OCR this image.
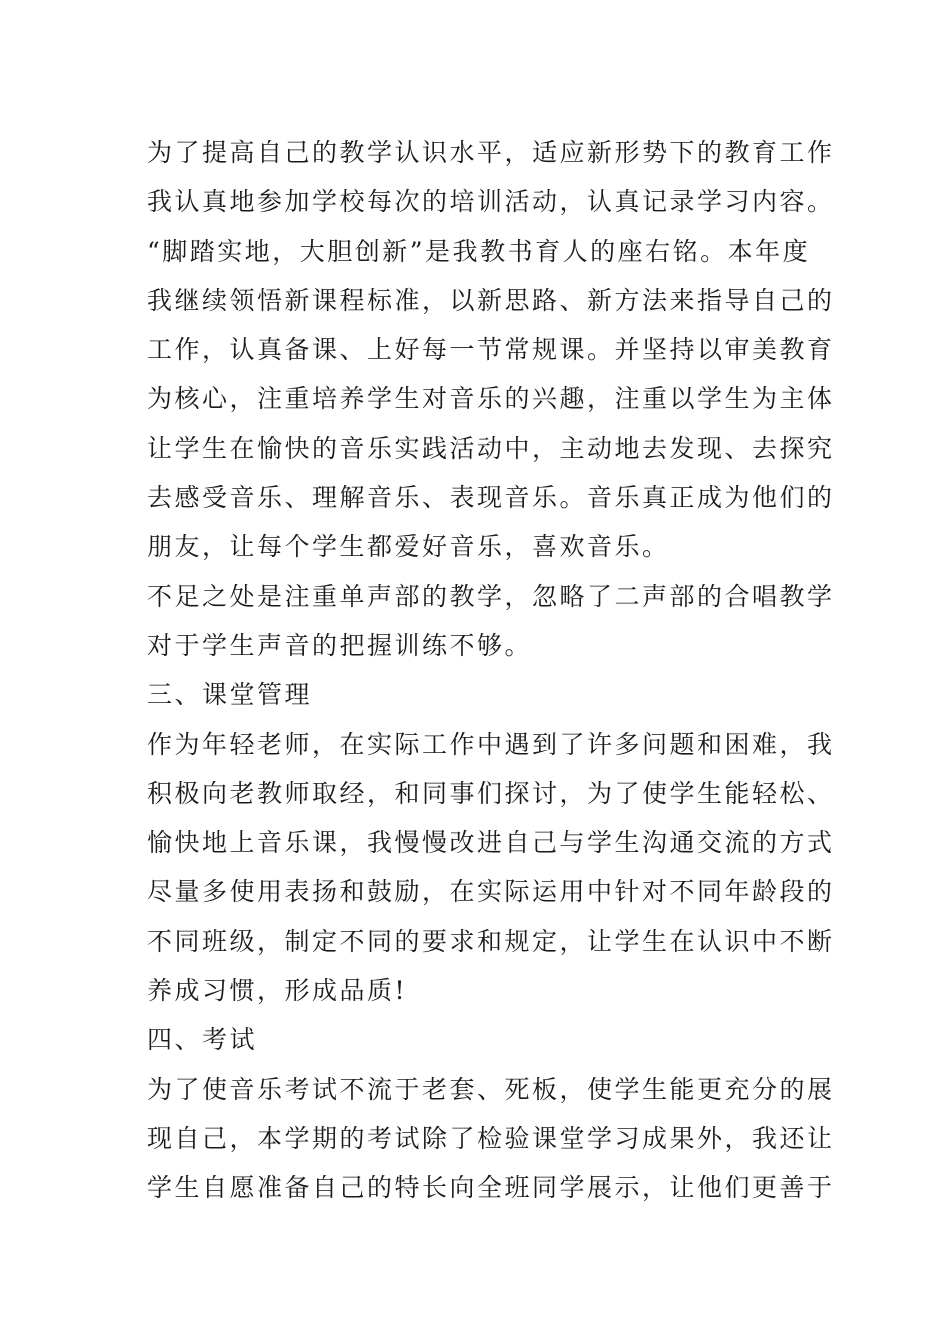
为了提高自己的教学认识水平，适应新形势下的教育工作
我认真地参加学校每次的培训活动，认真记录学习内容。
“脚踏实地，大胆创新”是我教书育人的座右铭。本年度
我继续领悟新课程标准，以新思路、新方法来指导自己的
工作，认真备课、上好每一节常规课。并坚持以审美教育
为核心，注重培养学生对音乐的兴趣，注重以学生为主体
让学生在愉快的音乐实践活动中，主动地去发现、去探究
去感受音乐、理解音乐、表现音乐。音乐真正成为他们的
朋友，让每个学生都爱好音乐，喜欢音乐。
不足之处是注重单声部的教学，忽略了二声部的合唱教学
对于学生声音的把握训练不够。
三、课堂管理
作为年轻老师，在实际工作中遇到了许多问题和困难，我
积极向老教师取经，和同事们探讨，为了使学生能轻松、
愉快地上音乐课，我慢慢改进自己与学生沟通交流的方式
尽量多使用表扬和鼓励，在实际运用中针对不同年龄段的
不同班级，制定不同的要求和规定，让学生在认识中不断
养成习惯，形成品质!
四、考试
为了使音乐考试不流于老套、死板，使学生能更充分的展
现自己，本学期的考试除了检验课堂学习成果外，我还让
学生自愿准备自己的特长向全班同学展示，让他们更善于
